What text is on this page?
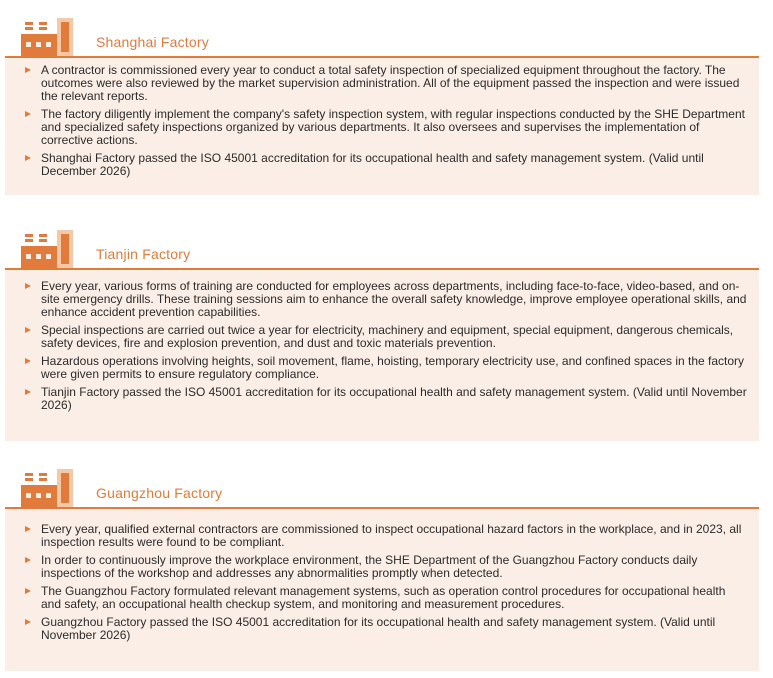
Shanghai Factory
A contractor is commissioned every year to conduct a total safety inspection of specialized equipment throughout the factory. The outcomes were also reviewed by the market supervision administration. All of the equipment passed the inspection and were issued the relevant reports.
The factory diligently implement the company's safety inspection system, with regular inspections conducted by the SHE Department and specialized safety inspections organized by various departments. It also oversees and supervises the implementation of corrective actions.
Shanghai Factory passed the ISO 45001 accreditation for its occupational health and safety management system. (Valid until December 2026)
Tianjin Factory
Every year, various forms of training are conducted for employees across departments, including face-to-face, video-based, and on-site emergency drills. These training sessions aim to enhance the overall safety knowledge, improve employee operational skills, and enhance accident prevention capabilities.
Special inspections are carried out twice a year for electricity, machinery and equipment, special equipment, dangerous chemicals, safety devices, fire and explosion prevention, and dust and toxic materials prevention.
Hazardous operations involving heights, soil movement, flame, hoisting, temporary electricity use, and confined spaces in the factory were given permits to ensure regulatory compliance.
Tianjin Factory passed the ISO 45001 accreditation for its occupational health and safety management system. (Valid until November 2026)
Guangzhou Factory
Every year, qualified external contractors are commissioned to inspect occupational hazard factors in the workplace, and in 2023, all inspection results were found to be compliant.
In order to continuously improve the workplace environment, the SHE Department of the Guangzhou Factory conducts daily inspections of the workshop and addresses any abnormalities promptly when detected.
The Guangzhou Factory formulated relevant management systems, such as operation control procedures for occupational health and safety, an occupational health checkup system, and monitoring and measurement procedures.
Guangzhou Factory passed the ISO 45001 accreditation for its occupational health and safety management system. (Valid until November 2026)
